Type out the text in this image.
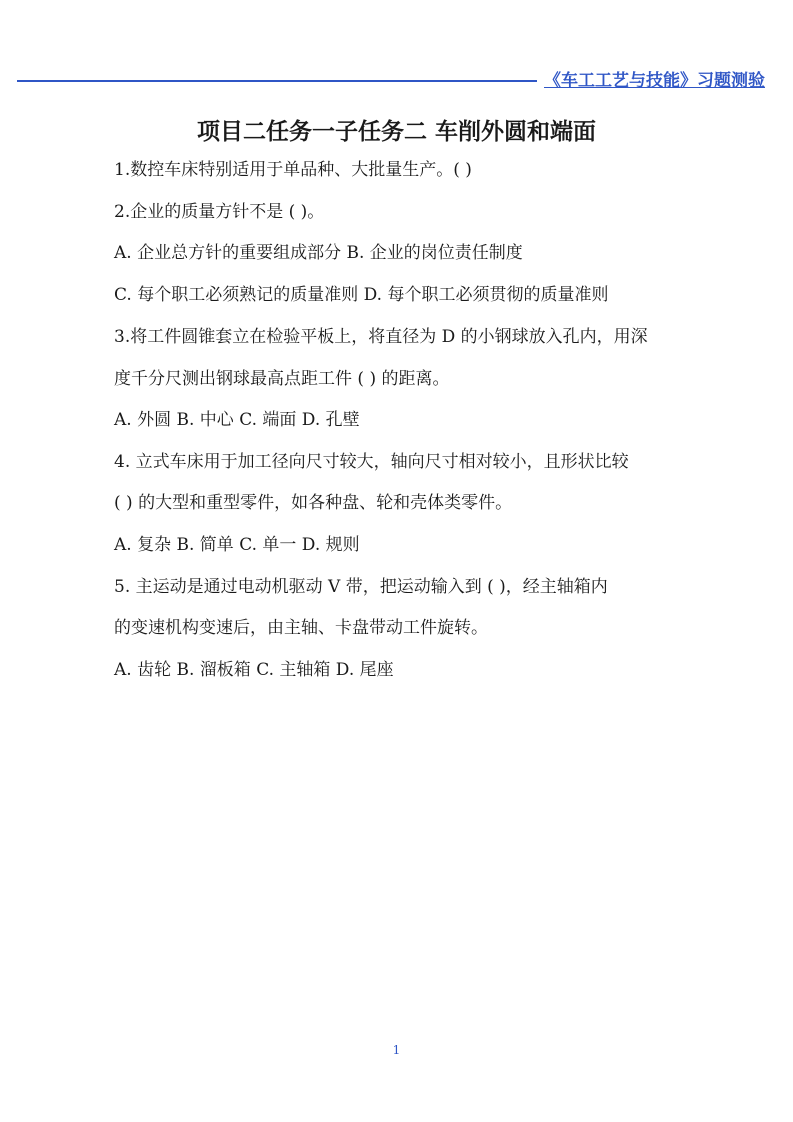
《车工工艺与技能》习题测验
项目二任务一子任务二 车削外圆和端面
1.数控车床特别适用于单品种、大批量生产。( )
2.企业的质量方针不是 ( )。
A. 企业总方针的重要组成部分 B. 企业的岗位责任制度
C. 每个职工必须熟记的质量准则 D. 每个职工必须贯彻的质量准则
3.将工件圆锥套立在检验平板上，将直径为 D 的小钢球放入孔内，用深
度千分尺测出钢球最高点距工件 ( ) 的距离。
A. 外圆 B. 中心 C. 端面 D. 孔壁
4. 立式车床用于加工径向尺寸较大，轴向尺寸相对较小，且形状比较
( ) 的大型和重型零件，如各种盘、轮和壳体类零件。
A. 复杂 B. 简单 C. 单一 D. 规则
5. 主运动是通过电动机驱动 V 带，把运动输入到 ( )，经主轴箱内
的变速机构变速后，由主轴、卡盘带动工件旋转。
A. 齿轮 B. 溜板箱 C. 主轴箱 D. 尾座
1
